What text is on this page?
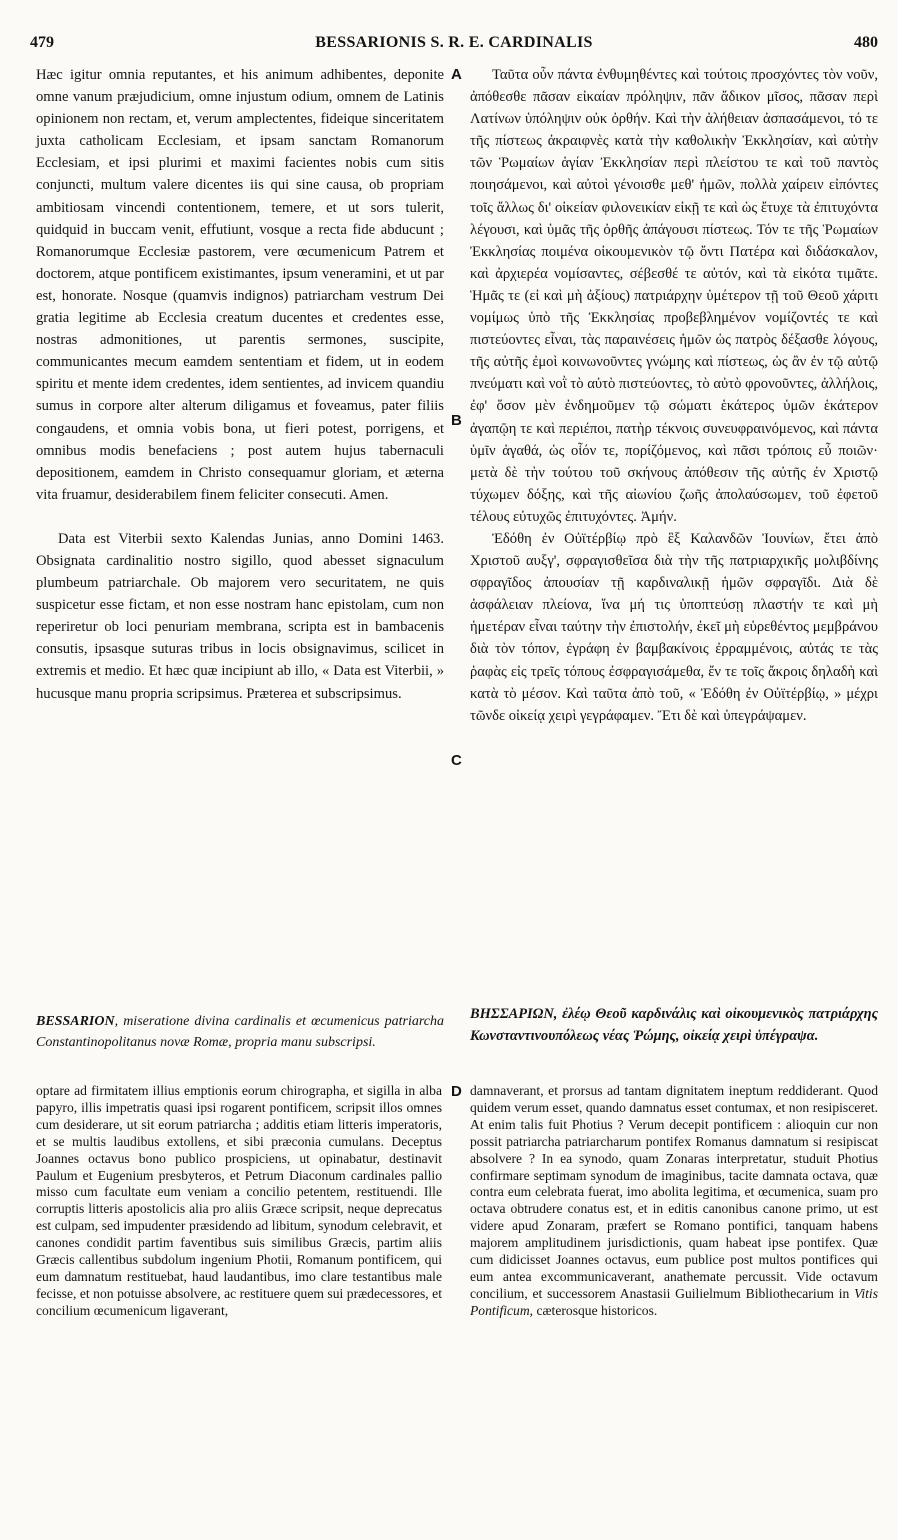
479	BESSARIONIS S. R. E. CARDINALIS	480
A
B
C
D

Hæc igitur omnia reputantes, et his animum adhibentes, deponite omne vanum præjudicium, omne injustum odium, omnem de Latinis opinionem non rectam, et, verum amplectentes, fideique sinceritatem juxta catholicam Ecclesiam, et ipsam sanctam Romanorum Ecclesiam, et ipsi plurimi et maximi facientes nobis cum sitis conjuncti, multum valere dicentes iis qui sine causa, ob propriam ambitiosam vincendi contentionem, temere, et ut sors tulerit, quidquid in buccam venit, effutiunt, vosque a recta fide abducunt ; Romanorumque Ecclesiæ pastorem, vere œcumenicum Patrem et doctorem, atque pontificem existimantes, ipsum veneramini, et ut par est, honorate. Nosque (quamvis indignos) patriarcham vestrum Dei gratia legitime ab Ecclesia creatum ducentes et credentes esse, nostras admonitiones, ut parentis sermones, suscipite, communicantes mecum eamdem sententiam et fidem, ut in eodem spiritu et mente idem credentes, idem sentientes, ad invicem quandiu sumus in corpore alter alterum diligamus et foveamus, pater filiis congaudens, et omnia vobis bona, ut fieri potest, porrigens, et omnibus modis benefaciens ; post autem hujus tabernaculi depositionem, eamdem in Christo consequamur gloriam, et æterna vita fruamur, desiderabilem finem feliciter consecuti. Amen.

Data est Viterbii sexto Kalendas Junias, anno Domini 1463. Obsignata cardinalitio nostro sigillo, quod abesset signaculum plumbeum patriarchale. Ob majorem vero securitatem, ne quis suspicetur esse fictam, et non esse nostram hanc epistolam, cum non reperiretur ob loci penuriam membrana, scripta est in bambacenis consutis, ipsasque suturas tribus in locis obsignavimus, scilicet in extremis et medio. Et hæc quæ incipiunt ab illo, « Data est Viterbii, » hucusque manu propria scripsimus. Præterea et subscripsimus.

Ταῦτα οὖν πάντα ἐνθυμηθέντες καὶ τούτοις προσχόντες τὸν νοῦν, ἀπόθεσθε πᾶσαν εἰκαίαν πρόληψιν, πᾶν ἄδικον μῖσος, πᾶσαν περὶ Λατίνων ὑπόληψιν οὐκ ὀρθήν. Καὶ τὴν ἀλήθειαν ἀσπασάμενοι, τό τε τῆς πίστεως ἀκραιφνὲς κατὰ τὴν καθολικὴν Ἐκκλησίαν, καὶ αὐτὴν τῶν Ῥωμαίων ἁγίαν Ἐκκλησίαν περὶ πλείστου τε καὶ τοῦ παντὸς ποιησάμενοι, καὶ αὐτοὶ γένοισθε μεθ' ἡμῶν, πολλὰ χαίρειν εἰπόντες τοῖς ἄλλως δι' οἰκείαν φιλονεικίαν εἰκῇ τε καὶ ὡς ἔτυχε τὰ ἐπιτυχόντα λέγουσι, καὶ ὑμᾶς τῆς ὀρθῆς ἀπάγουσι πίστεως. Τόν τε τῆς Ῥωμαίων Ἐκκλησίας ποιμένα οἰκουμενικὸν τῷ ὄντι Πατέρα καὶ διδάσκαλον, καὶ ἀρχιερέα νομίσαντες, σέβεσθέ τε αὐτόν, καὶ τὰ εἰκότα τιμᾶτε. Ἡμᾶς τε (εἰ καὶ μὴ ἀξίους) πατριάρχην ὑμέτερον τῇ τοῦ Θεοῦ χάριτι νομίμως ὑπὸ τῆς Ἐκκλησίας προβεβλημένον νομίζοντές τε καὶ πιστεύοντες εἶναι, τὰς παραινέσεις ἡμῶν ὡς πατρὸς δέξασθε λόγους, τῆς αὐτῆς ἐμοὶ κοινωνοῦντες γνώμης καὶ πίστεως, ὡς ἂν ἐν τῷ αὐτῷ πνεύματι καὶ νοῒ τὸ αὐτὸ πιστεύοντες, τὸ αὐτὸ φρονοῦντες, ἀλλήλοις, ἐφ' ὅσον μὲν ἐνδημοῦμεν τῷ σώματι ἑκάτερος ὑμῶν ἑκάτερον ἀγαπῷη τε καὶ περιέποι, πατὴρ τέκνοις συνευφραινόμενος, καὶ πάντα ὑμῖν ἀγαθά, ὡς οἷόν τε, πορίζόμενος, καὶ πᾶσι τρόποις εὖ ποιῶν· μετὰ δὲ τὴν τούτου τοῦ σκήνους ἀπόθεσιν τῆς αὐτῆς ἐν Χριστῷ τύχωμεν δόξης, καὶ τῆς αἰωνίου ζωῆς ἀπολαύσωμεν, τοῦ ἐφετοῦ τέλους εὐτυχῶς ἐπιτυχόντες. Ἀμήν.

Ἐδόθη ἐν Οὐϊτέρβίῳ πρὸ ἓξ Καλανδῶν Ἰουνίων, ἔτει ἀπὸ Χριστοῦ αυξγ', σφραγισθεῖσα διὰ τὴν τῆς πατριαρχικῆς μολιβδίνης σφραγῖδος ἀπουσίαν τῇ καρδιναλικῇ ἡμῶν σφραγῖδι. Διὰ δὲ ἀσφάλειαν πλείονα, ἵνα μή τις ὑποπτεύσῃ πλαστήν τε καὶ μὴ ἡμετέραν εἶναι ταύτην τὴν ἐπιστολήν, ἐκεῖ μὴ εὑρεθέντος μεμβράνου διὰ τὸν τόπον, ἐγράφη ἐν βαμβακίνοις ἐρραμμένοις, αὐτάς τε τὰς ῥαφὰς εἰς τρεῖς τόπους ἐσφραγισάμεθα, ἔν τε τοῖς ἄκροις δηλαδὴ καὶ κατὰ τὸ μέσον. Καὶ ταῦτα ἀπὸ τοῦ, « Ἐδόθη ἐν Οὐϊτέρβίῳ, » μέχρι τῶνδε οἰκείᾳ χειρὶ γεγράφαμεν. Ἔτι δὲ καὶ ὑπεγράψαμεν.

BESSARION, miseratione divina cardinalis et œcumenicus patriarcha Constantinopolitanus novæ Romæ, propria manu subscripsi.
ΒΗΣΣΑΡΙΩΝ, ἐλέῳ Θεοῦ καρδινάλις καὶ οἰκουμενικὸς πατριάρχης Κωνσταντινουπόλεως νέας Ῥώμης, οἰκείᾳ χειρὶ ὑπέγραψα.

optare ad firmitatem illius emptionis eorum chirographa, et sigilla in alba papyro, illis impetratis quasi ipsi rogarent pontificem, scripsit illos omnes cum desiderare, ut sit eorum patriarcha ; additis etiam litteris imperatoris, et se multis laudibus extollens, et sibi præconia cumulans. Deceptus Joannes octavus bono publico prospiciens, ut opinabatur, destinavit Paulum et Eugenium presbyteros, et Petrum Diaconum cardinales pallio misso cum facultate eum veniam a concilio petentem, restituendi. Ille corruptis litteris apostolicis alia pro aliis Græce scripsit, neque deprecatus est culpam, sed impudenter præsidendo ad libitum, synodum celebravit, et canones condidit partim faventibus suis similibus Græcis, partim aliis Græcis callentibus subdolum ingenium Photii, Romanum pontificem, qui eum damnatum restituebat, haud laudantibus, imo clare testantibus male fecisse, et non potuisse absolvere, ac restituere quem sui prædecessores, et concilium œcumenicum ligaverant,

damnaverant, et prorsus ad tantam dignitatem ineptum reddiderant. Quod quidem verum esset, quando damnatus esset contumax, et non resipisceret. At enim talis fuit Photius ? Verum decepit pontificem : alioquin cur non possit patriarcha patriarcharum pontifex Romanus damnatum si resipiscat absolvere ? In ea synodo, quam Zonaras interpretatur, studuit Photius confirmare septimam synodum de imaginibus, tacite damnata octava, quæ contra eum celebrata fuerat, imo abolita legitima, et œcumenica, suam pro octava obtrudere conatus est, et in editis canonibus canone primo, ut est videre apud Zonaram, præfert se Romano pontifici, tanquam habens majorem amplitudinem jurisdictionis, quam habeat ipse pontifex. Quæ cum didicisset Joannes octavus, eum publice post multos pontifices qui eum antea excommunicaverant, anathemate percussit. Vide octavum concilium, et successorem Anastasii Guilielmum Bibliothecarium in Vitis Pontificum, cæterosque historicos.
